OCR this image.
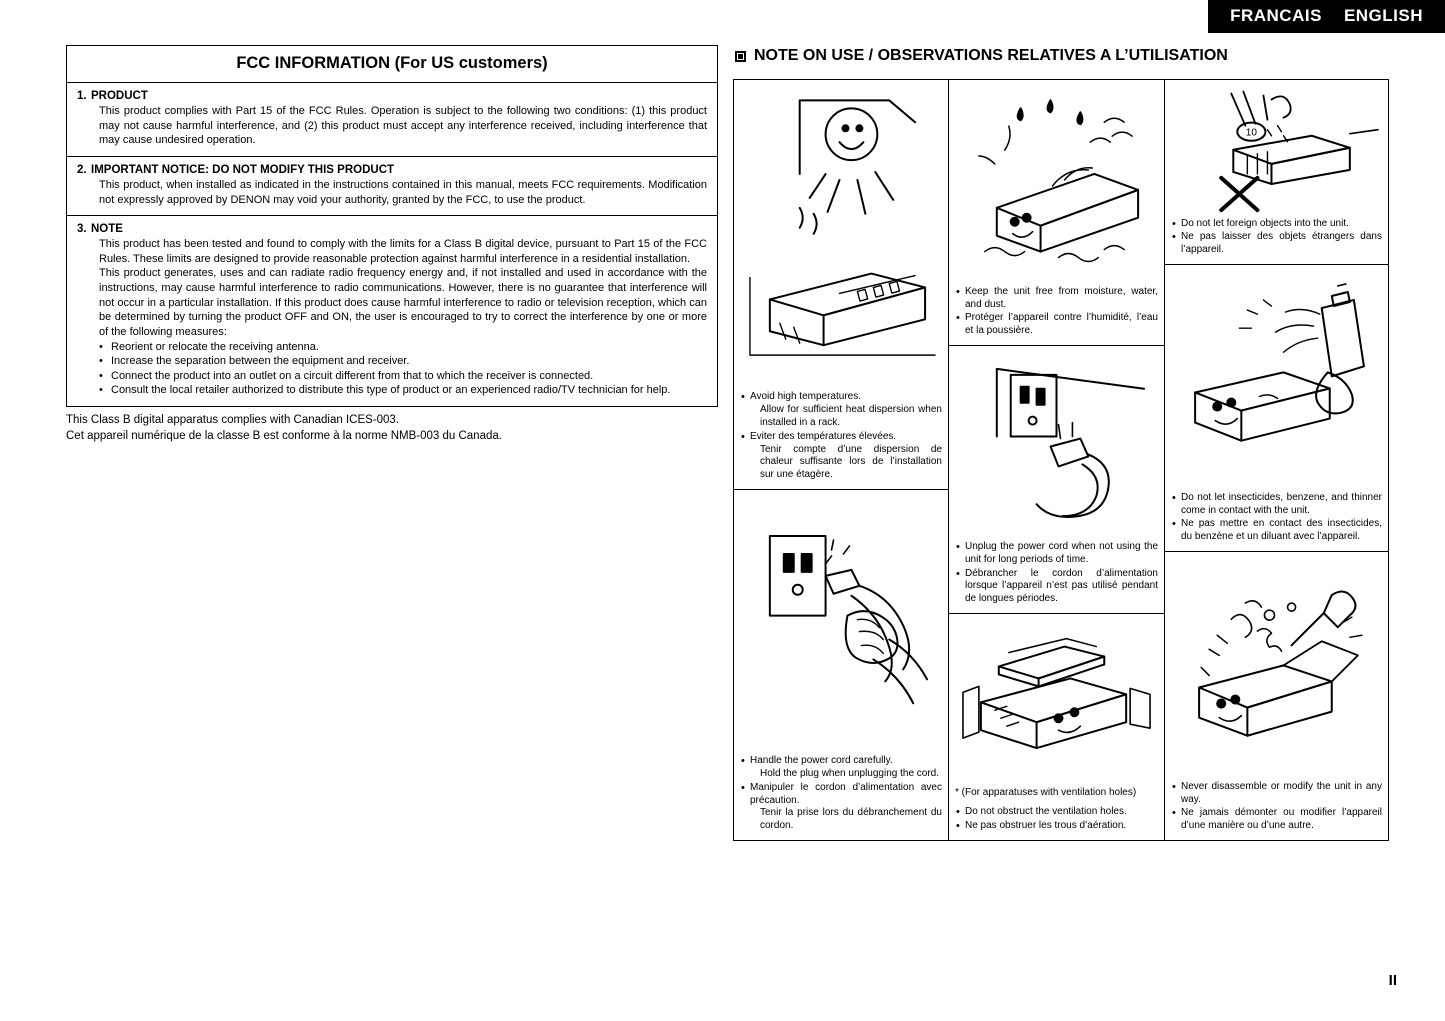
FRANCAIS ENGLISH
FCC INFORMATION (For US customers)
1. PRODUCT
This product complies with Part 15 of the FCC Rules. Operation is subject to the following two conditions: (1) this product may not cause harmful interference, and (2) this product must accept any interference received, including interference that may cause undesired operation.
2. IMPORTANT NOTICE: DO NOT MODIFY THIS PRODUCT
This product, when installed as indicated in the instructions contained in this manual, meets FCC requirements. Modification not expressly approved by DENON may void your authority, granted by the FCC, to use the product.
3. NOTE

This product has been tested and found to comply with the limits for a Class B digital device, pursuant to Part 15 of the FCC Rules. These limits are designed to provide reasonable protection against harmful interference in a residential installation.

This product generates, uses and can radiate radio frequency energy and, if not installed and used in accordance with the instructions, may cause harmful interference to radio communications. However, there is no guarantee that interference will not occur in a particular installation. If this product does cause harmful interference to radio or television reception, which can be determined by turning the product OFF and ON, the user is encouraged to try to correct the interference by one or more of the following measures:

• Reorient or relocate the receiving antenna.
• Increase the separation between the equipment and receiver.
• Connect the product into an outlet on a circuit different from that to which the receiver is connected.
• Consult the local retailer authorized to distribute this type of product or an experienced radio/TV technician for help.
This Class B digital apparatus complies with Canadian ICES-003.
Cet appareil numérique de la classe B est conforme à la norme NMB-003 du Canada.
NOTE ON USE / OBSERVATIONS RELATIVES A L’UTILISATION
• Avoid high temperatures.
Allow for sufficient heat dispersion when installed in a rack.
• Eviter des températures élevées.
Tenir compte d’une dispersion de chaleur suffisante lors de l’installation sur une étagère.
• Handle the power cord carefully.
Hold the plug when unplugging the cord.
• Manipuler le cordon d’alimentation avec précaution.
Tenir la prise lors du débranchement du cordon.
• Keep the unit free from moisture, water, and dust.
• Protéger l’appareil contre l’humidité, l’eau et la poussière.
• Unplug the power cord when not using the unit for long periods of time.
• Débrancher le cordon d’alimentation lorsque l’appareil n’est pas utilisé pendant de longues périodes.
* (For apparatuses with ventilation holes)
• Do not obstruct the ventilation holes.
• Ne pas obstruer les trous d’aération.
10
• Do not let foreign objects into the unit.
• Ne pas laisser des objets étrangers dans l’appareil.
• Do not let insecticides, benzene, and thinner come in contact with the unit.
• Ne pas mettre en contact des insecticides, du benzène et un diluant avec l’appareil.
• Never disassemble or modify the unit in any way.
• Ne jamais démonter ou modifier l’appareil d’une manière ou d’une autre.
II
